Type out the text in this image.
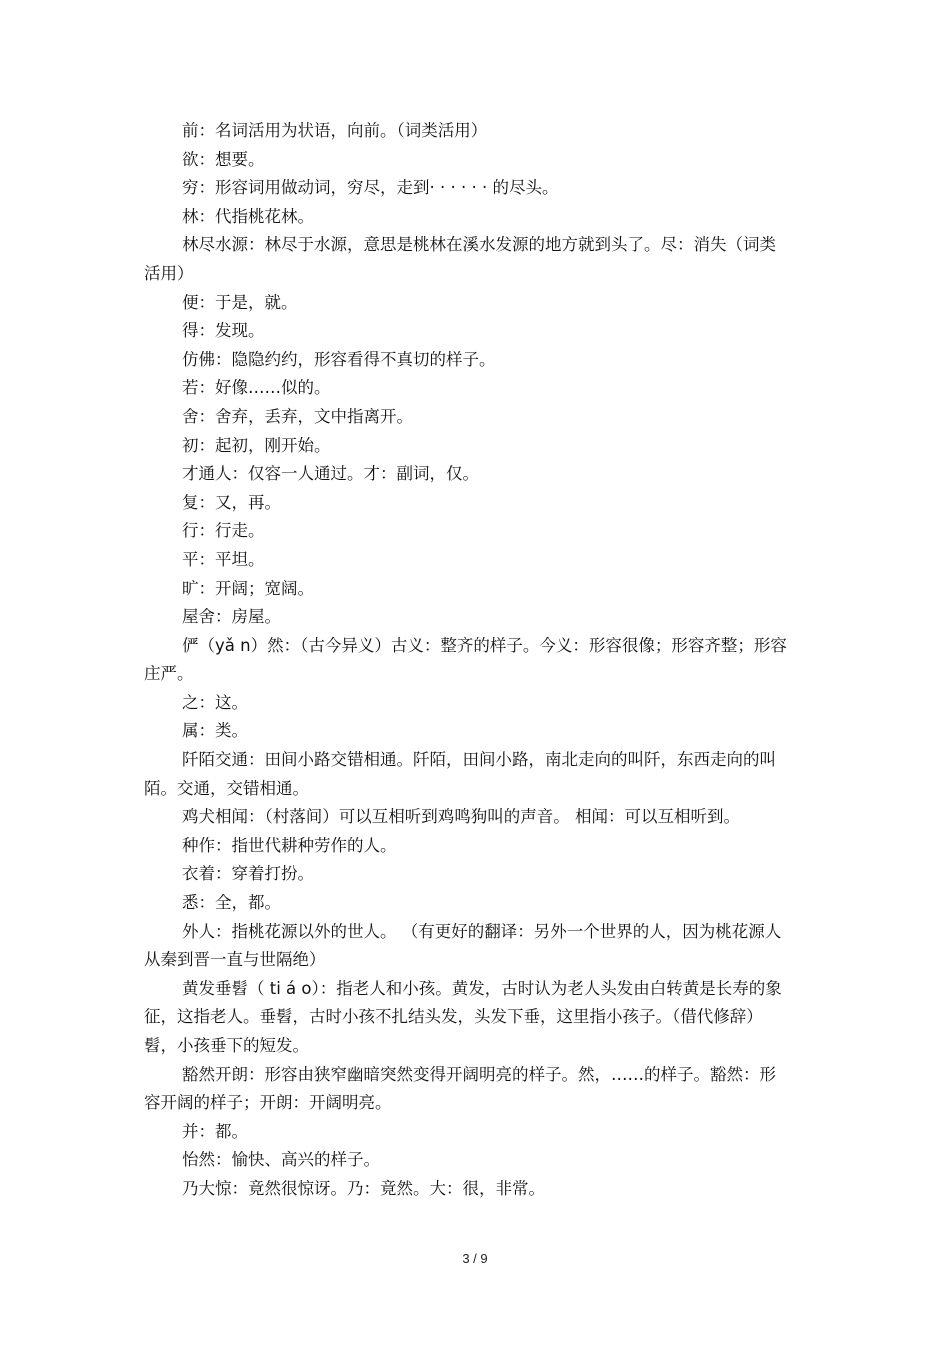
前：名词活用为状语，向前。（词类活用）

欲：想要。

穷：形容词用做动词，穷尽，走到· · · · · · 的尽头。

林：代指桃花林。

林尽水源：林尽于水源，意思是桃林在溪水发源的地方就到头了。尽：消失（词类活用）

便：于是，就。

得：发现。

仿佛：隐隐约约，形容看得不真切的样子。

若：好像……似的。

舍：舍弃，丢弃，文中指离开。

初：起初，刚开始。

才通人：仅容一人通过。才：副词，仅。

复：又，再。

行：行走。

平：平坦。

旷：开阔；宽阔。

屋舍：房屋。

俨（yǎ n）然：（古今异义）古义：整齐的样子。今义：形容很像；形容齐整；形容庄严。

之：这。

属：类。

阡陌交通：田间小路交错相通。阡陌，田间小路，南北走向的叫阡，东西走向的叫陌。交通，交错相通。

鸡犬相闻：（村落间）可以互相听到鸡鸣狗叫的声音。 相闻：可以互相听到。

种作：指世代耕种劳作的人。

衣着：穿着打扮。

悉：全，都。

外人：指桃花源以外的世人。 （有更好的翻译：另外一个世界的人，因为桃花源人从秦到晋一直与世隔绝）

黄发垂髫（ ti á o）：指老人和小孩。黄发，古时认为老人头发由白转黄是长寿的象征，这指老人。垂髫，古时小孩不扎结头发，头发下垂，这里指小孩子。（借代修辞）髫，小孩垂下的短发。

豁然开朗：形容由狭窄幽暗突然变得开阔明亮的样子。然，……的样子。豁然：形容开阔的样子；开朗：开阔明亮。

并：都。

怡然：愉快、高兴的样子。

乃大惊：竟然很惊讶。乃：竟然。大：很，非常。

3 / 9
